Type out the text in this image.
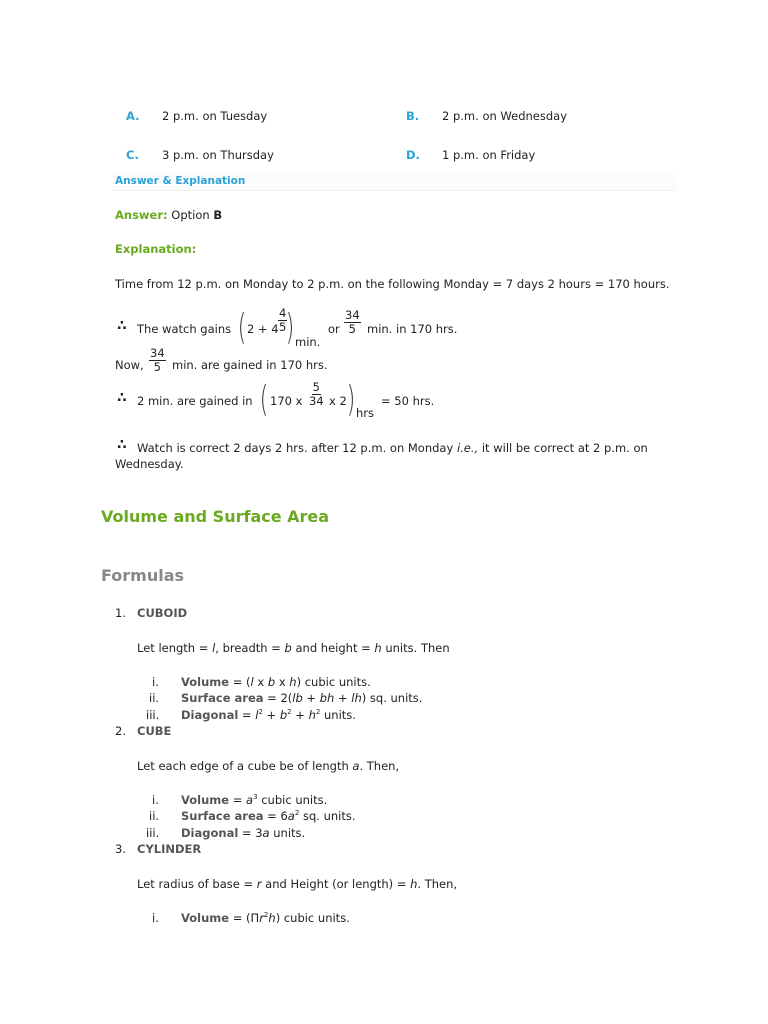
A. 2 p.m. on Tuesday	B. 2 p.m. on Wednesday
C. 3 p.m. on Thursday	D. 1 p.m. on Friday
Answer & Explanation
Answer: Option B
Explanation:
Time from 12 p.m. on Monday to 2 p.m. on the following Monday = 7 days 2 hours = 170 hours.
∴ The watch gains ( $2 + 4 \frac{4}{5}$
) min.
or $\frac{34}{5} \min$. in 170 hrs.
Now, $\frac{34}{5} \min$. are gained in 170 hrs.
∴ 2 min. are gained in ( 170 x $\frac{5}{34}$ x 2 ) hrs
= 50 hrs.
∴ Watch is correct 2 days 2 hrs. after 12 p.m. on Monday i.e., it will be correct at 2 p.m. on
Wednesday.
Volume and Surface Area
Formulas
1. CUBOID
Let length = l, breadth = b and height = h units. Then
i. Volume = (l x b x h) cubic units.
ii. Surface area = 2(lb + bh + lh) sq. units.
iii. Diagonal = $l^2 + b^2 + h^2$ units.
2. CUBE
Let each edge of a cube be of length a. Then,
i. Volume = $a^3$ cubic units.
ii. Surface area = $6a^2$ sq. units.
iii. Diagonal = 3a units.
3. CYLINDER
Let radius of base = r and Height (or length) = h. Then,
i. Volume = $(\Pi r^2h)$ cubic units.
